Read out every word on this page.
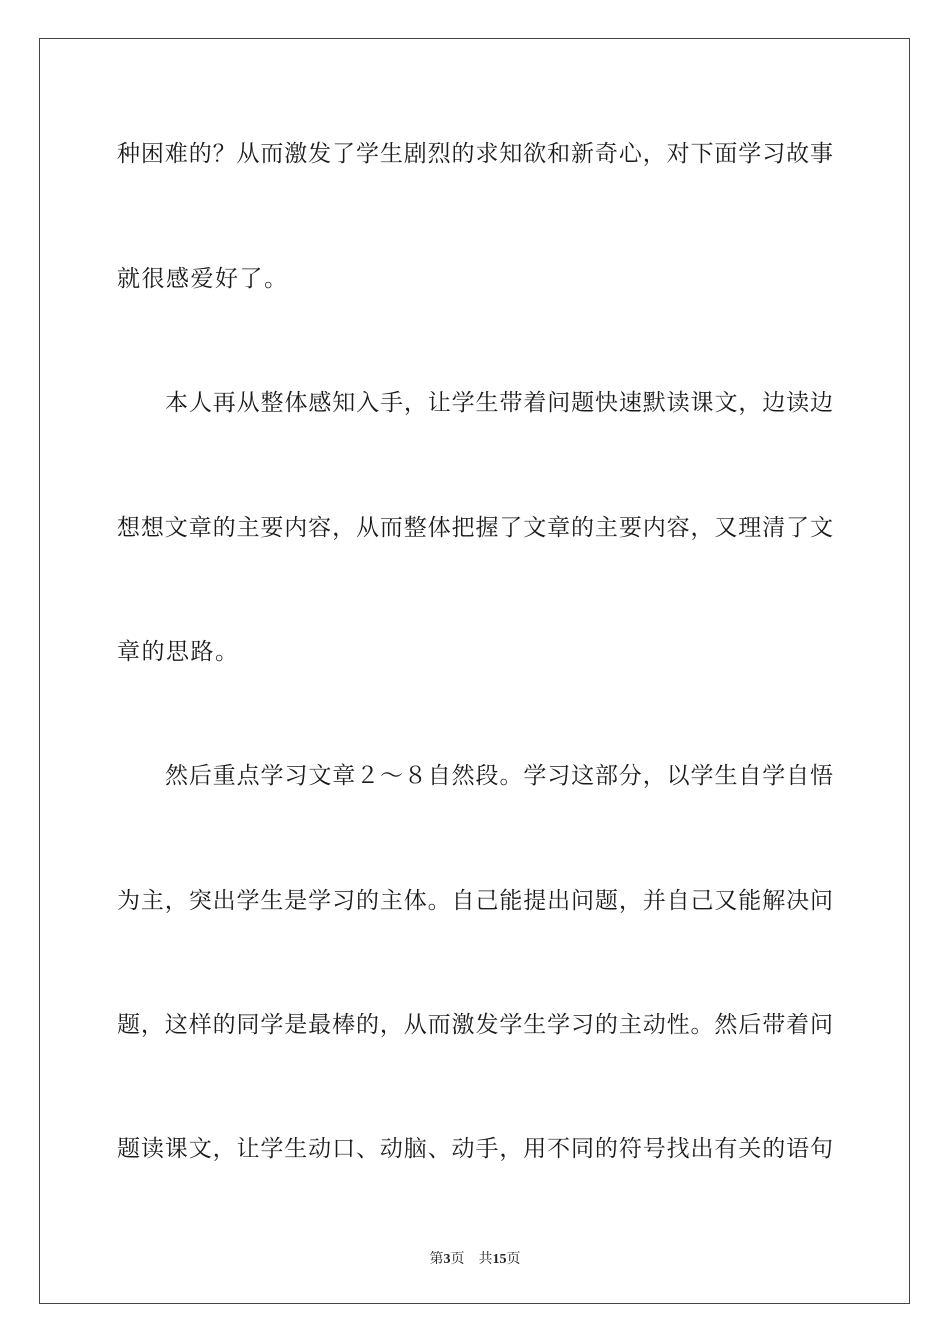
种困难的？从而激发了学生剧烈的求知欲和新奇心，对下面学习故事
就很感爱好了。
本人再从整体感知入手，让学生带着问题快速默读课文，边读边
想想文章的主要内容，从而整体把握了文章的主要内容，又理清了文
章的思路。
然后重点学习文章２～８自然段。学习这部分，以学生自学自悟
为主，突出学生是学习的主体。自己能提出问题，并自己又能解决问
题，这样的同学是最棒的，从而激发学生学习的主动性。然后带着问
题读课文，让学生动口、动脑、动手，用不同的符号找出有关的语句
第3页 共15页
